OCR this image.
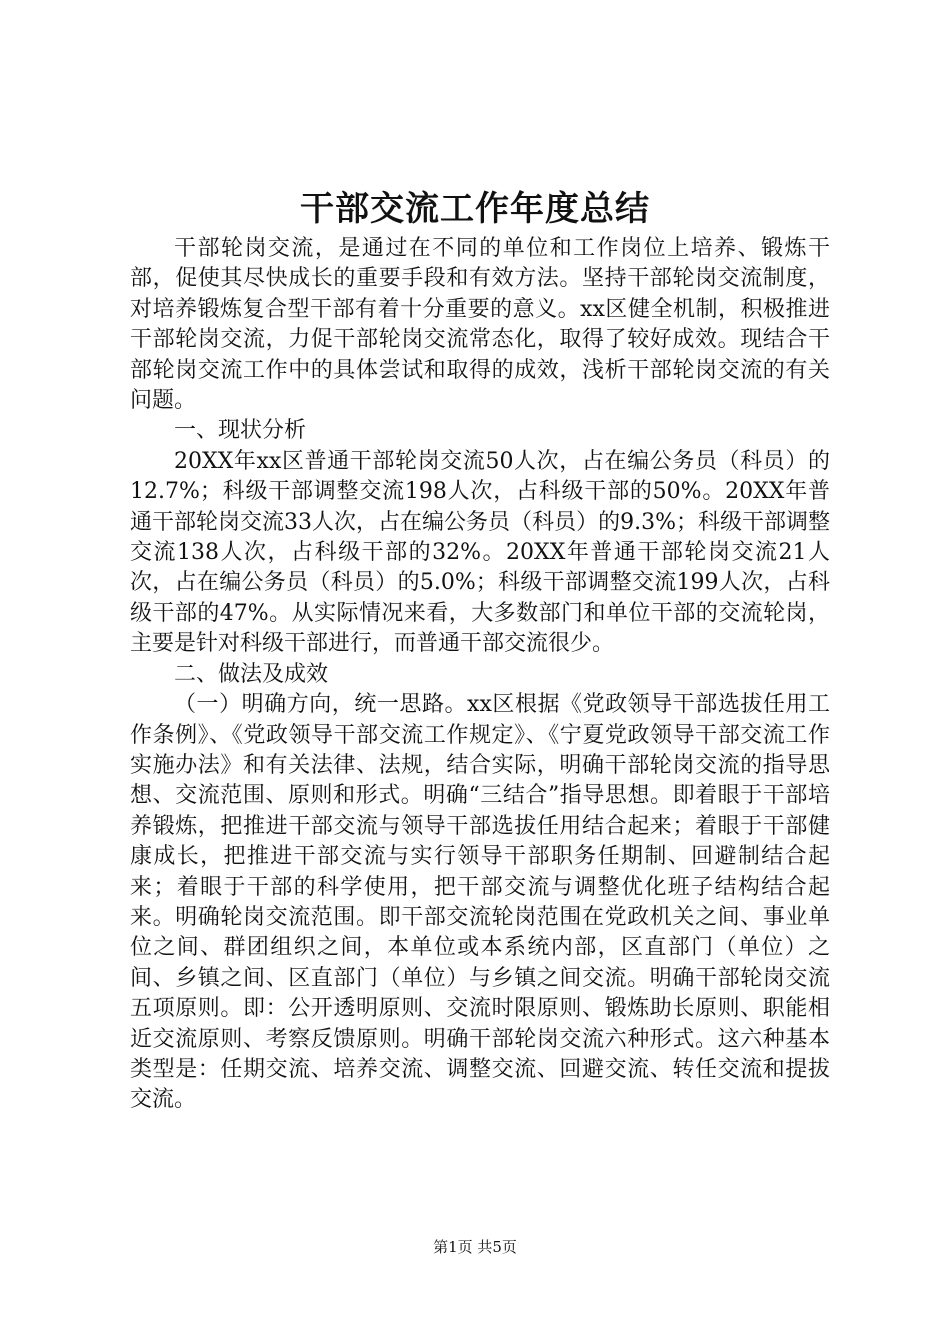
干部交流工作年度总结

干部轮岗交流，是通过在不同的单位和工作岗位上培养、锻炼干部，促使其尽快成长的重要手段和有效方法。坚持干部轮岗交流制度，对培养锻炼复合型干部有着十分重要的意义。xx区健全机制，积极推进干部轮岗交流，力促干部轮岗交流常态化，取得了较好成效。现结合干部轮岗交流工作中的具体尝试和取得的成效，浅析干部轮岗交流的有关问题。

一、现状分析

20XX年xx区普通干部轮岗交流50人次，占在编公务员（科员）的12.7%；科级干部调整交流198人次，占科级干部的50%。20XX年普通干部轮岗交流33人次，占在编公务员（科员）的9.3%；科级干部调整交流138人次，占科级干部的32%。20XX年普通干部轮岗交流21人次，占在编公务员（科员）的5.0%；科级干部调整交流199人次，占科级干部的47%。从实际情况来看，大多数部门和单位干部的交流轮岗，主要是针对科级干部进行，而普通干部交流很少。

二、做法及成效

（一）明确方向，统一思路。xx区根据《党政领导干部选拔任用工作条例》、《党政领导干部交流工作规定》、《宁夏党政领导干部交流工作实施办法》和有关法律、法规，结合实际，明确干部轮岗交流的指导思想、交流范围、原则和形式。明确“三结合”指导思想。即着眼于干部培养锻炼，把推进干部交流与领导干部选拔任用结合起来；着眼于干部健康成长，把推进干部交流与实行领导干部职务任期制、回避制结合起来；着眼于干部的科学使用，把干部交流与调整优化班子结构结合起来。明确轮岗交流范围。即干部交流轮岗范围在党政机关之间、事业单位之间、群团组织之间，本单位或本系统内部，区直部门（单位）之间、乡镇之间、区直部门（单位）与乡镇之间交流。明确干部轮岗交流五项原则。即：公开透明原则、交流时限原则、锻炼助长原则、职能相近交流原则、考察反馈原则。明确干部轮岗交流六种形式。这六种基本类型是：任期交流、培养交流、调整交流、回避交流、转任交流和提拔交流。

第1页 共5页
